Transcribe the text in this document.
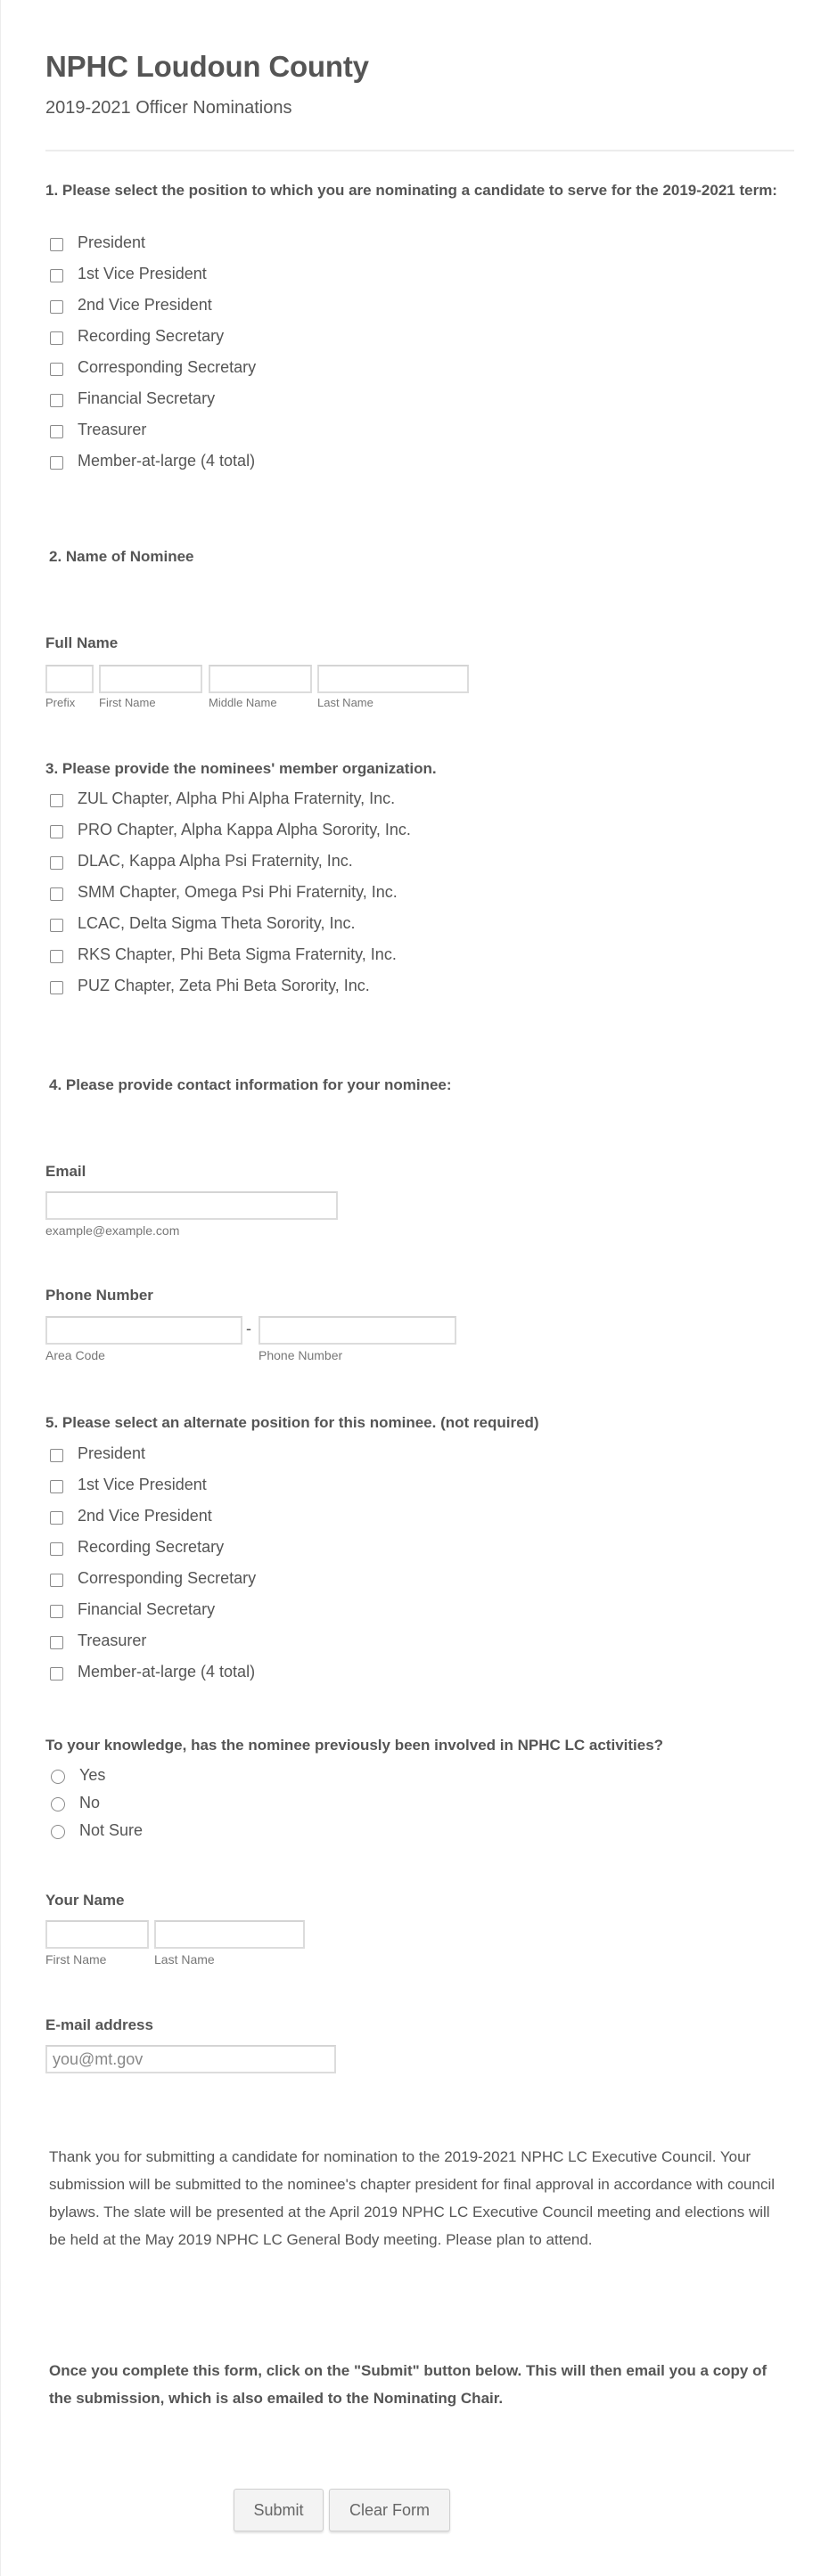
NPHC Loudoun County
2019-2021 Officer Nominations
1. Please select the position to which you are nominating a candidate to serve for the 2019-2021 term:
President
1st Vice President
2nd Vice President
Recording Secretary
Corresponding Secretary
Financial Secretary
Treasurer
Member-at-large (4 total)
2. Name of Nominee
Full Name
Prefix First Name	Middle Name	Last Name
3. Please provide the nominees' member organization.
ZUL Chapter, Alpha Phi Alpha Fraternity, Inc.
PRO Chapter, Alpha Kappa Alpha Sorority, Inc.
DLAC, Kappa Alpha Psi Fraternity, Inc.
SMM Chapter, Omega Psi Phi Fraternity, Inc.
LCAC, Delta Sigma Theta Sorority, Inc.
RKS Chapter, Phi Beta Sigma Fraternity, Inc.
PUZ Chapter, Zeta Phi Beta Sorority, Inc.
4. Please provide contact information for your nominee:
Email
example@example.com
Phone Number
-
Area Code	Phone Number
5. Please select an alternate position for this nominee. (not required)
President
1st Vice President
2nd Vice President
Recording Secretary
Corresponding Secretary
Financial Secretary
Treasurer
Member-at-large (4 total)
To your knowledge, has the nominee previously been involved in NPHC LC activities?
Yes
No
Not Sure
Your Name
First Name	Last Name
E-mail address
you@mt.gov
Thank you for submitting a candidate for nomination to the 2019-2021 NPHC LC Executive Council. Your submission will be submitted to the nominee's chapter president for final approval in accordance with council bylaws. The slate will be presented at the April 2019 NPHC LC Executive Council meeting and elections will be held at the May 2019 NPHC LC General Body meeting. Please plan to attend.
Once you complete this form, click on the "Submit" button below. This will then email you a copy of the submission, which is also emailed to the Nominating Chair.
Submit	Clear Form
